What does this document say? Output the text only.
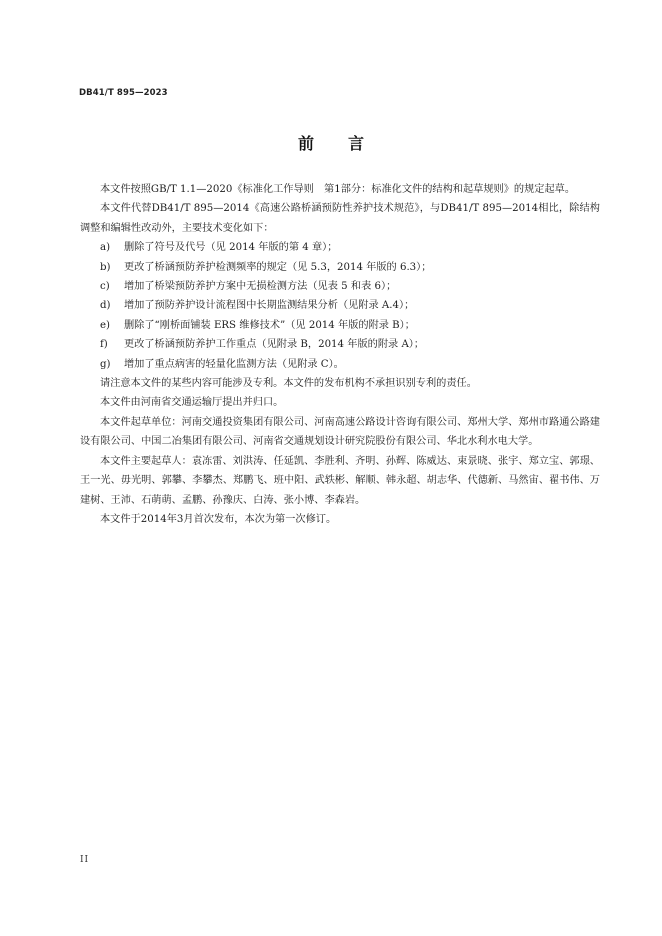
DB41/T 895—2023
前 言

本文件按照GB/T 1.1—2020《标准化工作导则　第1部分：标准化文件的结构和起草规则》的规定起草。

本文件代替DB41/T 895—2014《高速公路桥涵预防性养护技术规范》，与DB41/T 895—2014相比，除结构调整和编辑性改动外，主要技术变化如下：

a)	删除了符号及代号（见 2014 年版的第 4 章）；
b)	更改了桥涵预防养护检测频率的规定（见 5.3，2014 年版的 6.3）；
c)	增加了桥梁预防养护方案中无损检测方法（见表 5 和表 6）；
d)	增加了预防养护设计流程图中长期监测结果分析（见附录 A.4）；
e)	删除了“刚桥面铺装 ERS 维修技术”（见 2014 年版的附录 B）；
f)	更改了桥涵预防养护工作重点（见附录 B，2014 年版的附录 A）；
g)	增加了重点病害的轻量化监测方法（见附录 C）。

请注意本文件的某些内容可能涉及专利。本文件的发布机构不承担识别专利的责任。

本文件由河南省交通运输厅提出并归口。

本文件起草单位：河南交通投资集团有限公司、河南高速公路设计咨询有限公司、郑州大学、郑州市路通公路建设有限公司、中国二冶集团有限公司、河南省交通规划设计研究院股份有限公司、华北水利水电大学。

本文件主要起草人：袁冻雷、刘洪涛、任延凯、李胜利、齐明、孙辉、陈威达、束景晓、张宇、郑立宝、郭璟、王一光、毋光明、郭攀、李攀杰、郑鹏飞、班中阳、武轶彬、解顺、韩永超、胡志华、代德新、马然宙、翟书伟、万建树、王沛、石萌萌、孟鹏、孙豫庆、白涛、张小博、李森岩。

本文件于2014年3月首次发布，本次为第一次修订。

II
